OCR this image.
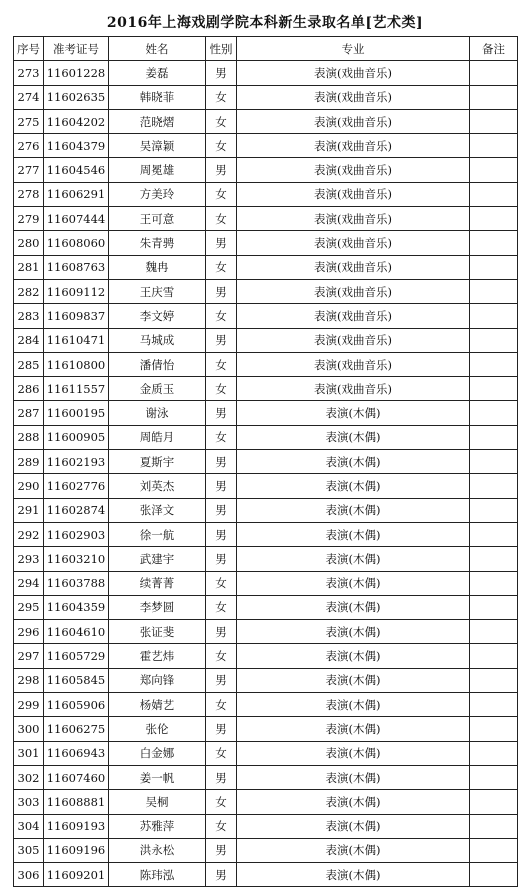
2016年上海戏剧学院本科新生录取名单[艺术类]
序号	准考证号	姓名	性别	专业	备注
273	11601228	姜磊	男	表演(戏曲音乐)	
274	11602635	韩晓菲	女	表演(戏曲音乐)	
275	11604202	范晓熠	女	表演(戏曲音乐)	
276	11604379	吴漳颖	女	表演(戏曲音乐)	
277	11604546	周冕雄	男	表演(戏曲音乐)	
278	11606291	方美玲	女	表演(戏曲音乐)	
279	11607444	王可意	女	表演(戏曲音乐)	
280	11608060	朱青骋	男	表演(戏曲音乐)	
281	11608763	魏冉	女	表演(戏曲音乐)	
282	11609112	王庆雪	男	表演(戏曲音乐)	
283	11609837	李文婷	女	表演(戏曲音乐)	
284	11610471	马城成	男	表演(戏曲音乐)	
285	11610800	潘倩怡	女	表演(戏曲音乐)	
286	11611557	金质玉	女	表演(戏曲音乐)	
287	11600195	谢泳	男	表演(木偶)	
288	11600905	周皓月	女	表演(木偶)	
289	11602193	夏斯宇	男	表演(木偶)	
290	11602776	刘英杰	男	表演(木偶)	
291	11602874	张泽文	男	表演(木偶)	
292	11602903	徐一航	男	表演(木偶)	
293	11603210	武建宇	男	表演(木偶)	
294	11603788	续菁菁	女	表演(木偶)	
295	11604359	李梦圆	女	表演(木偶)	
296	11604610	张证斐	男	表演(木偶)	
297	11605729	霍艺炜	女	表演(木偶)	
298	11605845	郑向锋	男	表演(木偶)	
299	11605906	杨婧艺	女	表演(木偶)	
300	11606275	张伦	男	表演(木偶)	
301	11606943	白金娜	女	表演(木偶)	
302	11607460	姜一帆	男	表演(木偶)	
303	11608881	吴桐	女	表演(木偶)	
304	11609193	苏雅萍	女	表演(木偶)	
305	11609196	洪永松	男	表演(木偶)	
306	11609201	陈玮泓	男	表演(木偶)	
